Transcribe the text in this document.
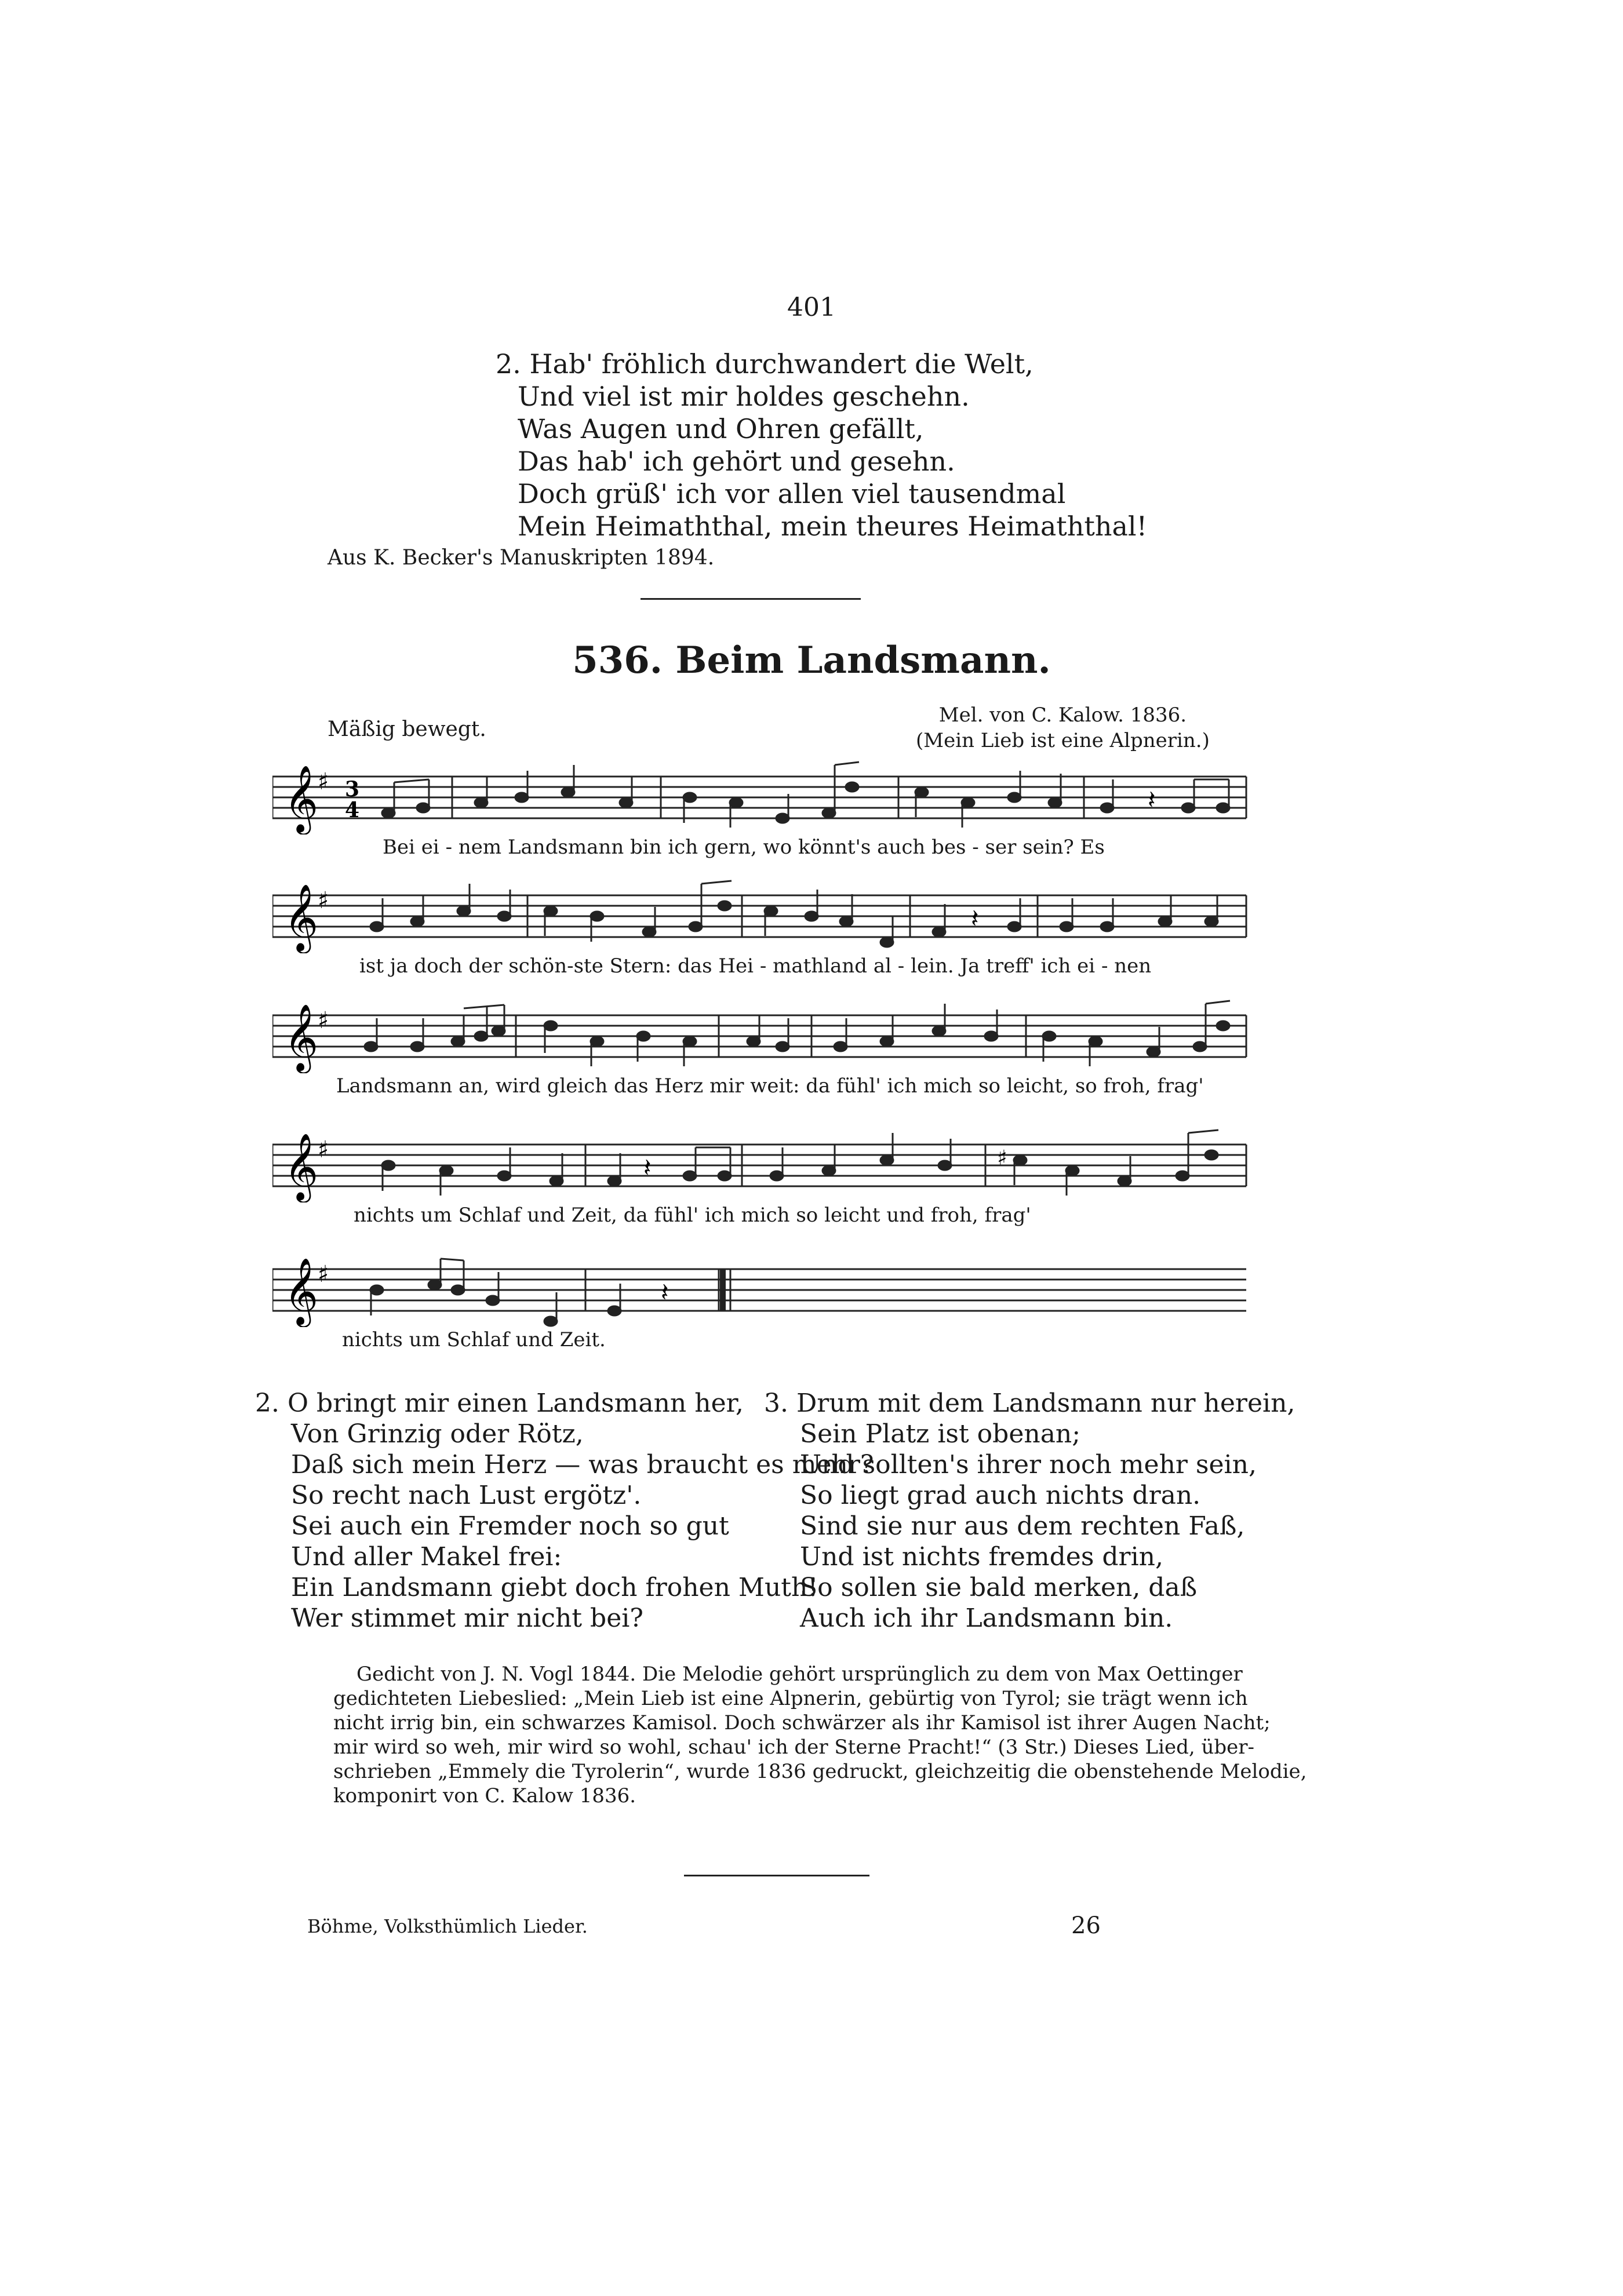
401
2. Hab' fröhlich durchwandert die Welt,
Und viel ist mir holdes geschehn.
Was Augen und Ohren gefällt,
Das hab' ich gehört und gesehn.
Doch grüß' ich vor allen viel tausendmal
Mein Heimaththal, mein theures Heimaththal!
Aus K. Becker's Manuskripten 1894.
536. Beim Landsmann.
Mel. von C. Kalow. 1836.
(Mein Lieb ist eine Alpnerin.)
Mäßig bewegt.
𝄞
♯ 3
4	𝄽
Bei ei - nem Landsmann bin ich gern, wo könnt's auch bes - ser sein? Es
𝄞
♯
𝄽
ist ja doch der schön-ste Stern: das Hei - mathland al - lein. Ja treff' ich ei - nen
𝄞
♯
Landsmann an, wird gleich das Herz mir weit: da fühl' ich mich so leicht, so froh, frag'
𝄞
♯	♯
𝄽
nichts um Schlaf und Zeit, da fühl' ich mich so leicht und froh, frag'
𝄞
♯
𝄽
nichts um Schlaf und Zeit.
2. O bringt mir einen Landsmann her,
Von Grinzig oder Rötz,
Daß sich mein Herz — was braucht es mehr?
So recht nach Lust ergötz'.
Sei auch ein Fremder noch so gut
Und aller Makel frei:
Ein Landsmann giebt doch frohen Muth!
Wer stimmet mir nicht bei?
3. Drum mit dem Landsmann nur herein,
Sein Platz ist obenan;
Und sollten's ihrer noch mehr sein,
So liegt grad auch nichts dran.
Sind sie nur aus dem rechten Faß,
Und ist nichts fremdes drin,
So sollen sie bald merken, daß
Auch ich ihr Landsmann bin.
Gedicht von J. N. Vogl 1844. Die Melodie gehört ursprünglich zu dem von Max Oettinger
gedichteten Liebeslied: „Mein Lieb ist eine Alpnerin, gebürtig von Tyrol; sie trägt wenn ich
nicht irrig bin, ein schwarzes Kamisol. Doch schwärzer als ihr Kamisol ist ihrer Augen Nacht;
mir wird so weh, mir wird so wohl, schau' ich der Sterne Pracht!“ (3 Str.) Dieses Lied, über-
schrieben „Emmely die Tyrolerin“, wurde 1836 gedruckt, gleichzeitig die obenstehende Melodie,
komponirt von C. Kalow 1836.
Böhme, Volksthümlich Lieder.	26
